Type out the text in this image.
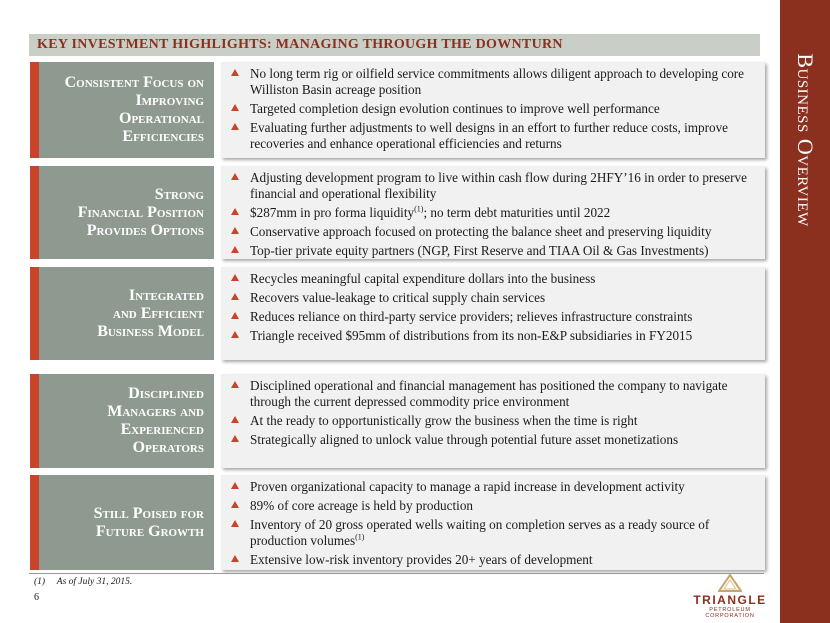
Business Overview
KEY INVESTMENT HIGHLIGHTS: MANAGING THROUGH THE DOWNTURN
Consistent Focus on
Improving
Operational
Efficiencies
No long term rig or oilfield service commitments allows diligent approach to developing core Williston Basin acreage position
Targeted completion design evolution continues to improve well performance
Evaluating further adjustments to well designs in an effort to further reduce costs, improve recoveries and enhance operational efficiencies and returns
Strong
Financial Position
Provides Options
Adjusting development program to live within cash flow during 2HFY’16 in order to preserve financial and operational flexibility
$287mm in pro forma liquidity$^{(1)}$; no term debt maturities until 2022
Conservative approach focused on protecting the balance sheet and preserving liquidity
Top-tier private equity partners (NGP, First Reserve and TIAA Oil & Gas Investments)
Integrated
and Efficient
Business Model
Recycles meaningful capital expenditure dollars into the business
Recovers value-leakage to critical supply chain services
Reduces reliance on third-party service providers; relieves infrastructure constraints
Triangle received $95mm of distributions from its non-E&P subsidiaries in FY2015
Disciplined
Managers and
Experienced
Operators
Disciplined operational and financial management has positioned the company to navigate through the current depressed commodity price environment
At the ready to opportunistically grow the business when the time is right
Strategically aligned to unlock value through potential future asset monetizations
Still Poised for
Future Growth
Proven organizational capacity to manage a rapid increase in development activity
89% of core acreage is held by production
Inventory of 20 gross operated wells waiting on completion serves as a ready source of production volumes$^{(1)}$
Extensive low-risk inventory provides 20+ years of development
(1) As of July 31, 2015.
6	TRIANGLE
PETROLEUM CORPORATION
